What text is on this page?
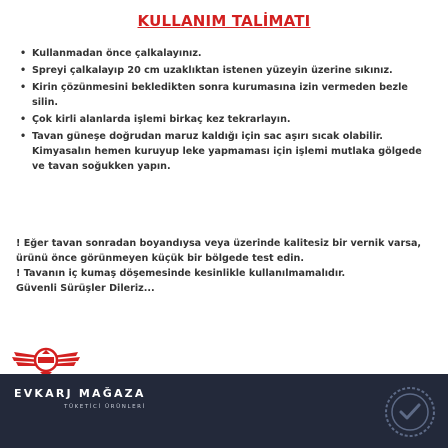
KULLANIM TALİMATI
• Kullanmadan önce çalkalayınız.
• Spreyi çalkalayıp 20 cm uzaklıktan istenen yüzeyin üzerine sıkınız.
• Kirin çözünmesini bekledikten sonra kurumasına izin vermeden bezle silin.
• Çok kirli alanlarda işlemi birkaç kez tekrarlayın.
• Tavan güneşe doğrudan maruz kaldığı için sac aşırı sıcak olabilir. Kimyasalın hemen kuruyup leke yapmaması için işlemi mutlaka gölgede ve tavan soğukken yapın.

! Eğer tavan sonradan boyandıysa veya üzerinde kalitesiz bir vernik varsa, ürünü önce görünmeyen küçük bir bölgede test edin.

! Tavanın iç kumaş döşemesinde kesinlikle kullanılmamalıdır.

Güvenli Sürüşler Dileriz...

EVKARJ MAĞAZA
TÜKETİCİ ÜRÜNLERİ
